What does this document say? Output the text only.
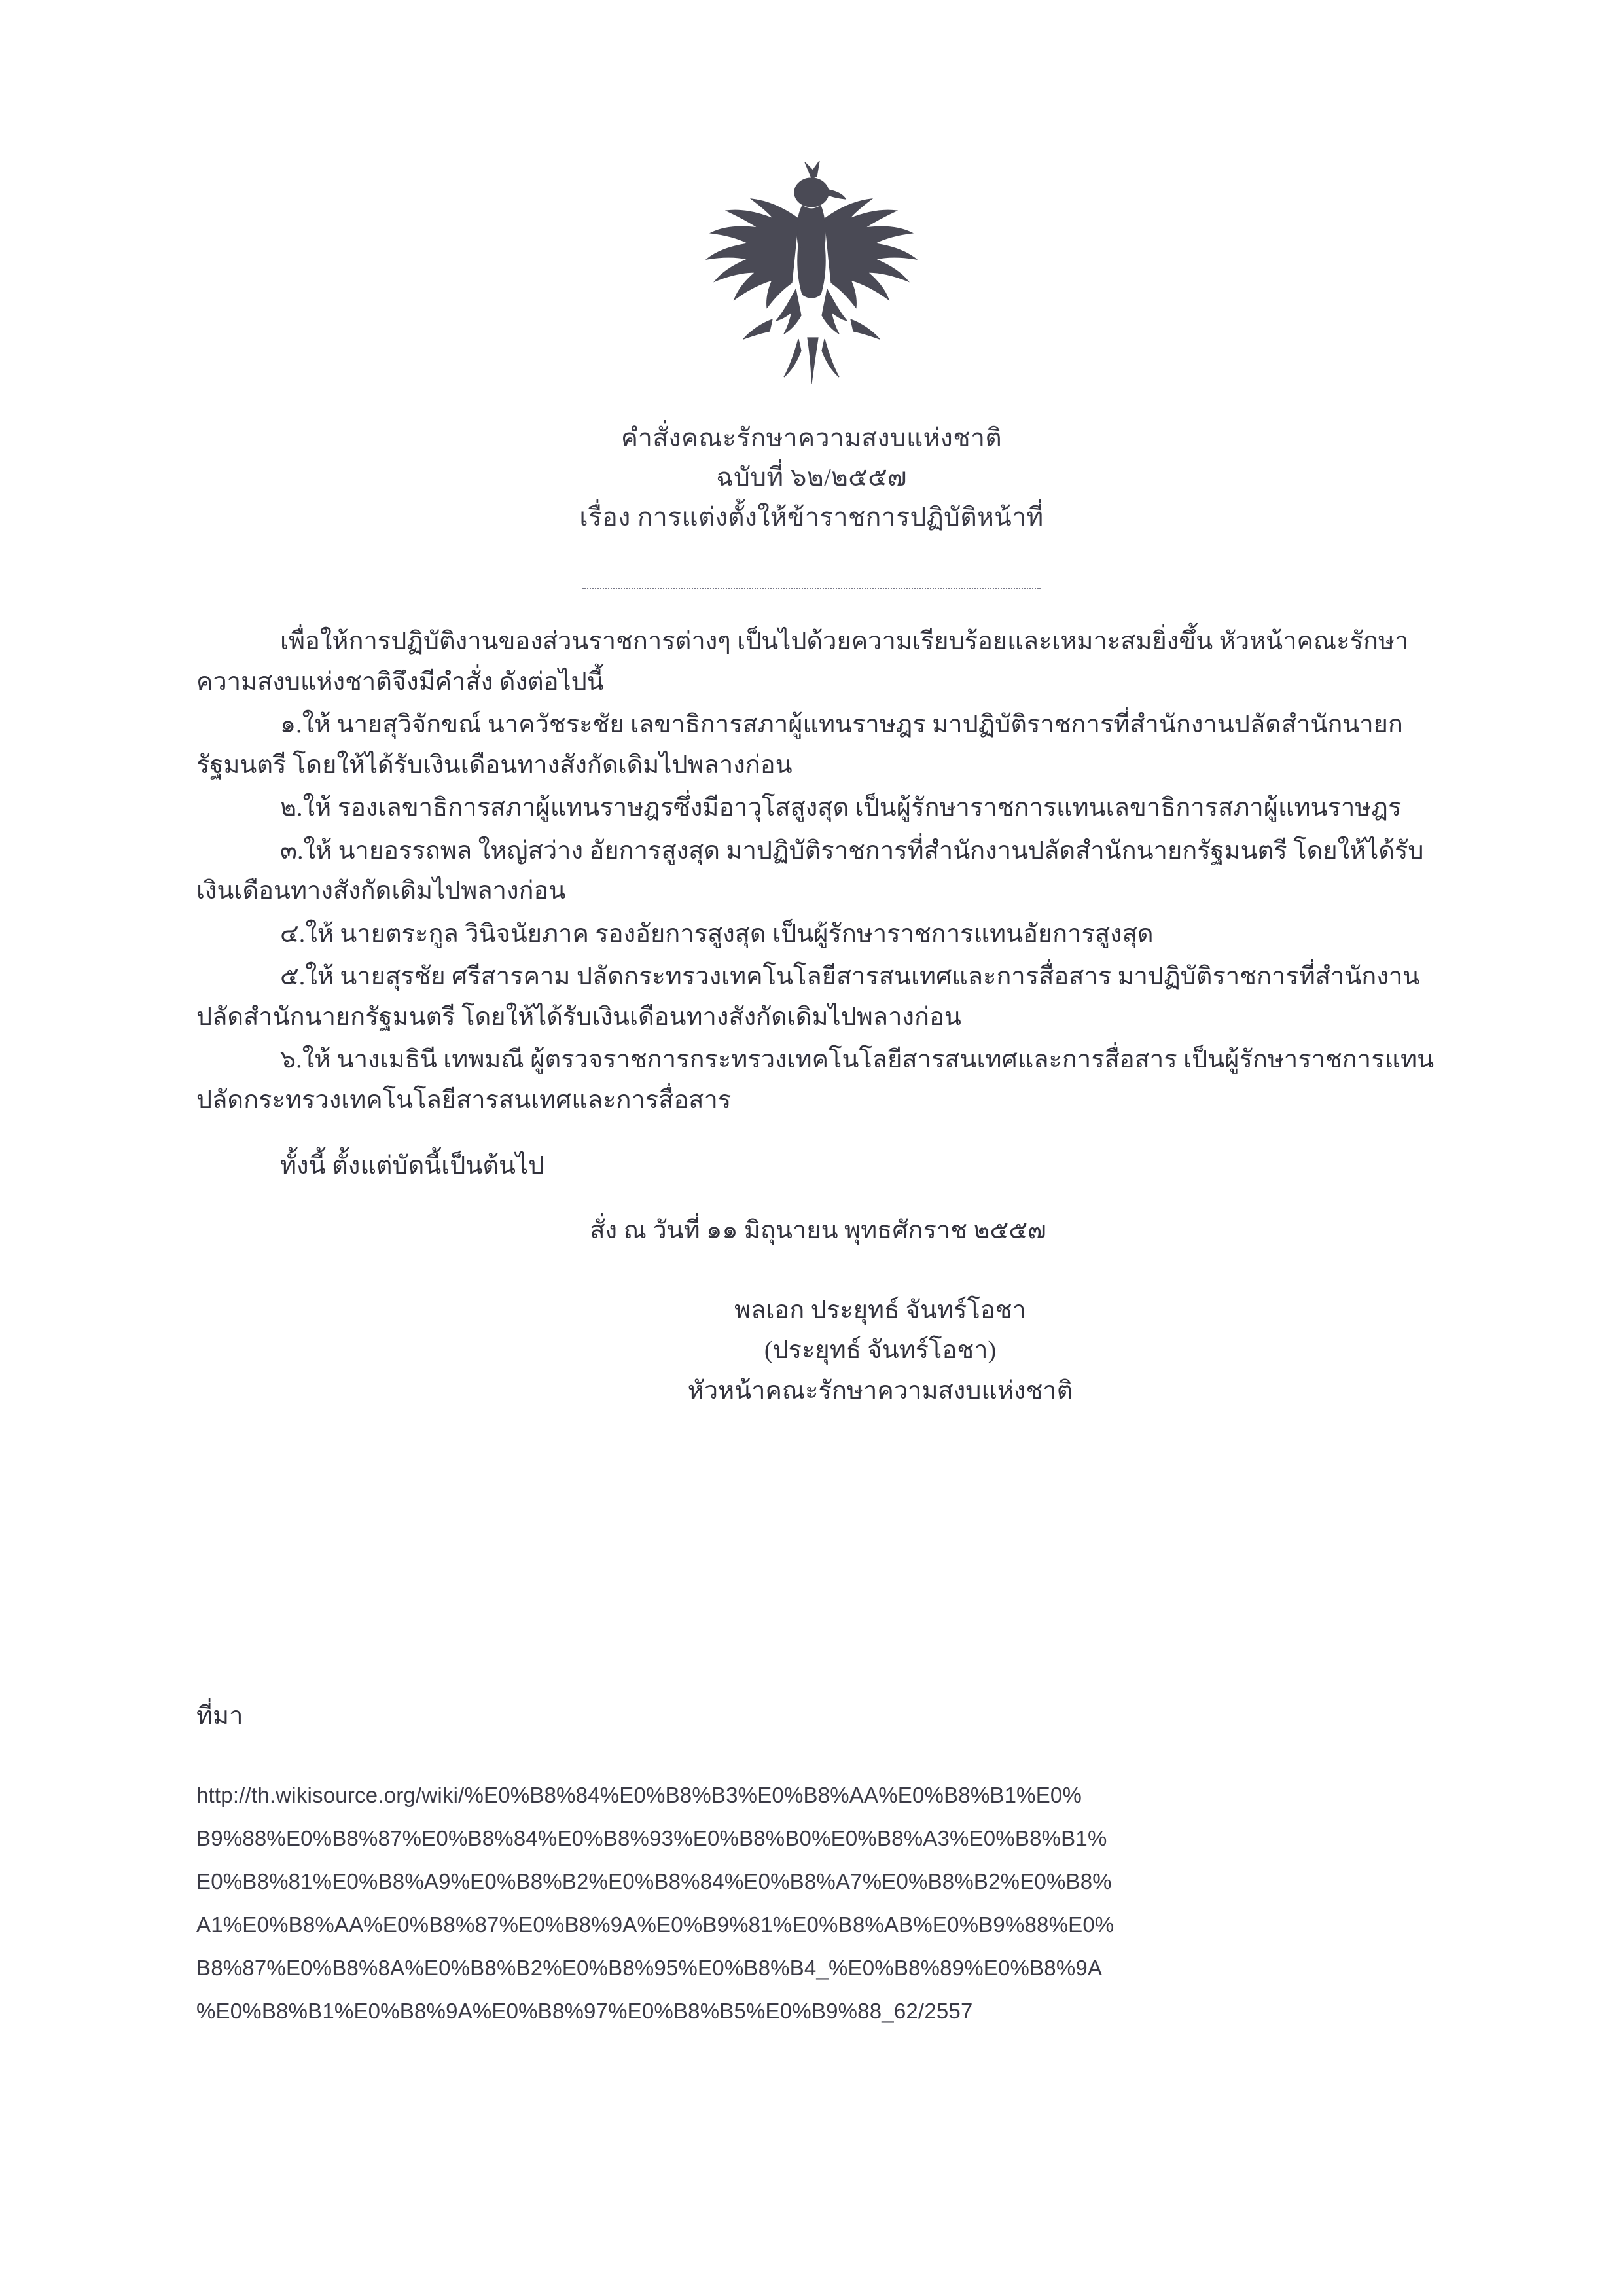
คำสั่งคณะรักษาความสงบแห่งชาติ
ฉบับที่ ๖๒/๒๕๕๗
เรื่อง การแต่งตั้งให้ข้าราชการปฏิบัติหน้าที่

เพื่อให้การปฏิบัติงานของส่วนราชการต่างๆ เป็นไปด้วยความเรียบร้อยและเหมาะสมยิ่งขึ้น หัวหน้าคณะรักษาความสงบแห่งชาติจึงมีคำสั่ง ดังต่อไปนี้

๑.ให้ นายสุวิจักขณ์ นาควัชระชัย เลขาธิการสภาผู้แทนราษฎร มาปฏิบัติราชการที่สำนักงานปลัดสำนักนายกรัฐมนตรี โดยให้ได้รับเงินเดือนทางสังกัดเดิมไปพลางก่อน

๒.ให้ รองเลขาธิการสภาผู้แทนราษฎรซึ่งมีอาวุโสสูงสุด เป็นผู้รักษาราชการแทนเลขาธิการสภาผู้แทนราษฎร

๓.ให้ นายอรรถพล ใหญ่สว่าง อัยการสูงสุด มาปฏิบัติราชการที่สำนักงานปลัดสำนักนายกรัฐมนตรี โดยให้ได้รับเงินเดือนทางสังกัดเดิมไปพลางก่อน

๔.ให้ นายตระกูล วินิจนัยภาค รองอัยการสูงสุด เป็นผู้รักษาราชการแทนอัยการสูงสุด

๕.ให้ นายสุรชัย ศรีสารคาม ปลัดกระทรวงเทคโนโลยีสารสนเทศและการสื่อสาร มาปฏิบัติราชการที่สำนักงานปลัดสำนักนายกรัฐมนตรี โดยให้ได้รับเงินเดือนทางสังกัดเดิมไปพลางก่อน

๖.ให้ นางเมธินี เทพมณี ผู้ตรวจราชการกระทรวงเทคโนโลยีสารสนเทศและการสื่อสาร เป็นผู้รักษาราชการแทนปลัดกระทรวงเทคโนโลยีสารสนเทศและการสื่อสาร

ทั้งนี้ ตั้งแต่บัดนี้เป็นต้นไป

สั่ง ณ วันที่ ๑๑ มิถุนายน พุทธศักราช ๒๕๕๗

พลเอก ประยุทธ์ จันทร์โอชา
(ประยุทธ์ จันทร์โอชา)
หัวหน้าคณะรักษาความสงบแห่งชาติ
ที่มา
http://th.wikisource.org/wiki/%E0%B8%84%E0%B8%B3%E0%B8%AA%E0%B8%B1%E0%
B9%88%E0%B8%87%E0%B8%84%E0%B8%93%E0%B8%B0%E0%B8%A3%E0%B8%B1%
E0%B8%81%E0%B8%A9%E0%B8%B2%E0%B8%84%E0%B8%A7%E0%B8%B2%E0%B8%
A1%E0%B8%AA%E0%B8%87%E0%B8%9A%E0%B9%81%E0%B8%AB%E0%B9%88%E0%
B8%87%E0%B8%8A%E0%B8%B2%E0%B8%95%E0%B8%B4_%E0%B8%89%E0%B8%9A
%E0%B8%B1%E0%B8%9A%E0%B8%97%E0%B8%B5%E0%B9%88_62/2557
